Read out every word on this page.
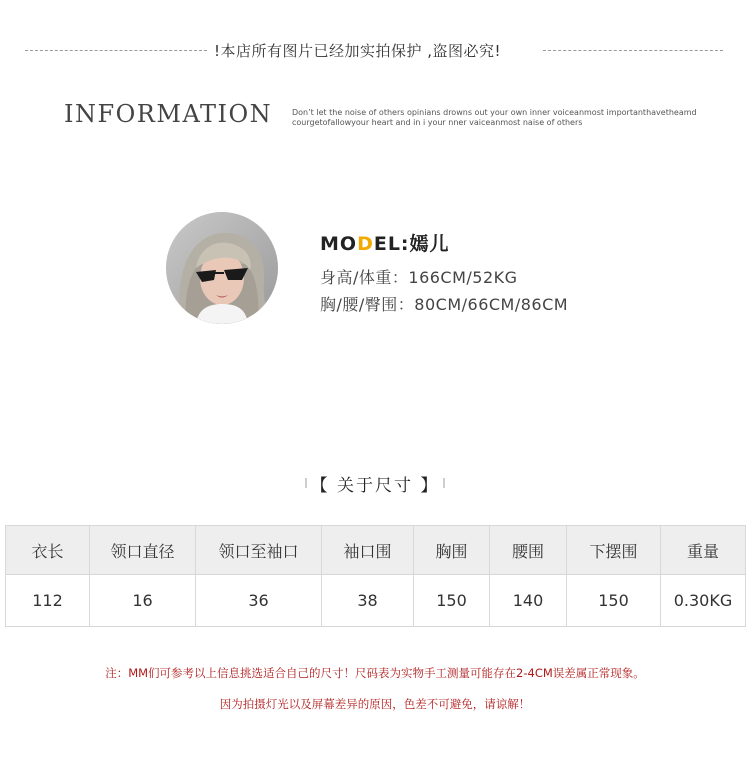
!本店所有图片已经加实拍保护 ,盗图必究!
INFORMATION Don’t let the noise of others opinians drowns out your own inner voiceanmost importanthavetheamd courgetofallowyour heart and in i your nner vaiceanmost naise of others
MODEL:嫣儿
身高/体重：166CM/52KG
胸/腰/臀围：80CM/66CM/86CM
【 关于尺寸 】
衣长	领口直径	领口至袖口	袖口围	胸围	腰围	下摆围	重量
112	16	36	38	150	140	150	0.30KG
注：MM们可参考以上信息挑选适合自己的尺寸！尺码表为实物手工测量可能存在2-4CM误差属正常现象。
因为拍摄灯光以及屏幕差异的原因，色差不可避免，请谅解！
